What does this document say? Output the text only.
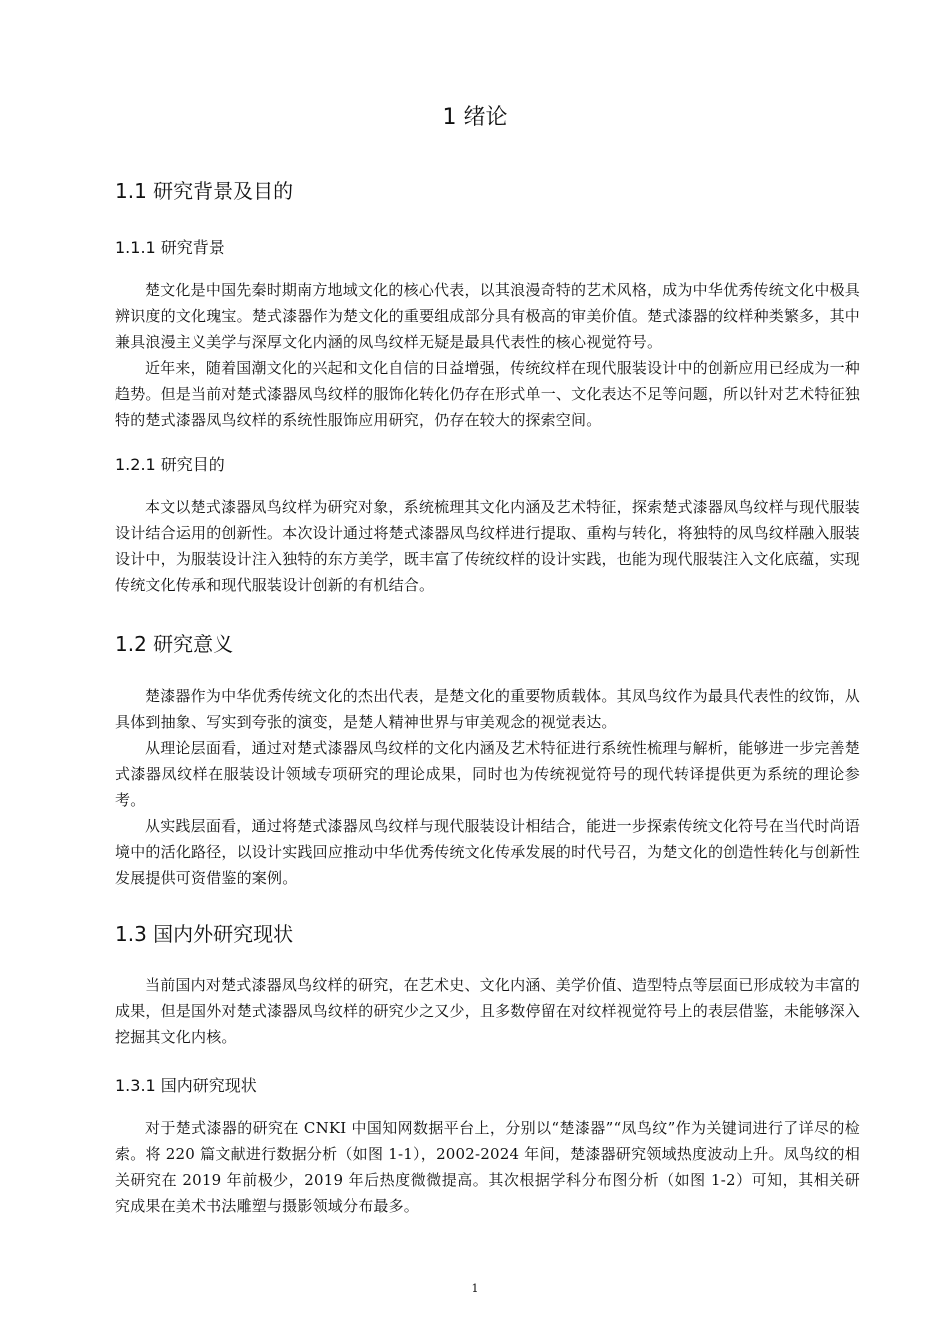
1 绪论
1.1 研究背景及目的
1.1.1 研究背景

楚文化是中国先秦时期南方地域文化的核心代表，以其浪漫奇特的艺术风格，成为中华优秀传统文化中极具辨识度的文化瑰宝。楚式漆器作为楚文化的重要组成部分具有极高的审美价值。楚式漆器的纹样种类繁多，其中兼具浪漫主义美学与深厚文化内涵的凤鸟纹样无疑是最具代表性的核心视觉符号。

近年来，随着国潮文化的兴起和文化自信的日益增强，传统纹样在现代服装设计中的创新应用已经成为一种趋势。但是当前对楚式漆器凤鸟纹样的服饰化转化仍存在形式单一、文化表达不足等问题，所以针对艺术特征独特的楚式漆器凤鸟纹样的系统性服饰应用研究，仍存在较大的探索空间。

1.2.1 研究目的

本文以楚式漆器凤鸟纹样为研究对象，系统梳理其文化内涵及艺术特征，探索楚式漆器凤鸟纹样与现代服装设计结合运用的创新性。本次设计通过将楚式漆器凤鸟纹样进行提取、重构与转化，将独特的凤鸟纹样融入服装设计中，为服装设计注入独特的东方美学，既丰富了传统纹样的设计实践，也能为现代服装注入文化底蕴，实现传统文化传承和现代服装设计创新的有机结合。

1.2 研究意义

楚漆器作为中华优秀传统文化的杰出代表，是楚文化的重要物质载体。其凤鸟纹作为最具代表性的纹饰，从具体到抽象、写实到夸张的演变，是楚人精神世界与审美观念的视觉表达。

从理论层面看，通过对楚式漆器凤鸟纹样的文化内涵及艺术特征进行系统性梳理与解析，能够进一步完善楚式漆器凤纹样在服装设计领域专项研究的理论成果，同时也为传统视觉符号的现代转译提供更为系统的理论参考。

从实践层面看，通过将楚式漆器凤鸟纹样与现代服装设计相结合，能进一步探索传统文化符号在当代时尚语境中的活化路径，以设计实践回应推动中华优秀传统文化传承发展的时代号召，为楚文化的创造性转化与创新性发展提供可资借鉴的案例。

1.3 国内外研究现状

当前国内对楚式漆器凤鸟纹样的研究，在艺术史、文化内涵、美学价值、造型特点等层面已形成较为丰富的成果，但是国外对楚式漆器凤鸟纹样的研究少之又少，且多数停留在对纹样视觉符号上的表层借鉴，未能够深入挖掘其文化内核。

1.3.1 国内研究现状

对于楚式漆器的研究在 CNKI 中国知网数据平台上，分别以“楚漆器”“凤鸟纹”作为关键词进行了详尽的检索。将 220 篇文献进行数据分析（如图 1-1），2002-2024 年间，楚漆器研究领域热度波动上升。凤鸟纹的相关研究在 2019 年前极少，2019 年后热度微微提高。其次根据学科分布图分析（如图 1-2）可知，其相关研究成果在美术书法雕塑与摄影领域分布最多。

1
